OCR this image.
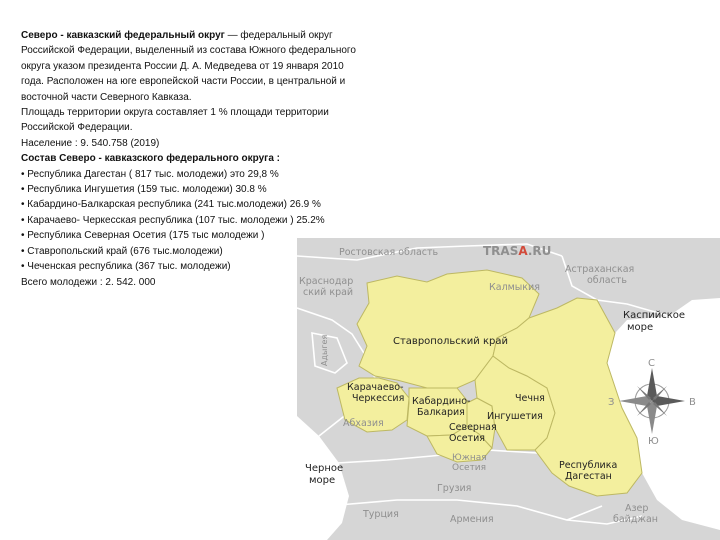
Северо - кавказский федеральный округ — федеральный округ Российской Федерации, выделенный из состава Южного федерального округа указом президента России Д. А. Медведева от 19 января 2010 года. Расположен на юге европейской части России, в центральной и восточной части Северного Кавказа.

Площадь территории округа составляет 1 % площади территории Российской Федерации.

Население : 9. 540.758 (2019)

Состав Северо - кавказского федерального округа :

• Республика Дагестан ( 817 тыс. молодежи) это 29,8 %

• Республика Ингушетия (159 тыс. молодежи) 30.8 %

• Кабардино-Балкарская республика (241 тыс.молодежи) 26.9 %

• Карачаево- Черкесская республика (107 тыс. молодежи ) 25.2%

• Республика Северная Осетия (175 тыс молодежи )

• Ставропольский край (676 тыс.молодежи)

• Чеченская республика (367 тыс. молодежи)

Всего молодежи : 2. 542. 000

Ростовская область	TRASA.RU
Астраханская
область
Калмыкия
Краснодар
ский край
Каспийское
море
Адыгея	Ставропольский край
Карачаево-
Черкессия Кабардино-
Балкария
Чечня
Ингушетия
Абхазия	Северная
Осетия
Южная
Осетия	Республика
Дагестан
Черное
море
Грузия
Турция	Армения
Азер
байджан
С
Ю
З	В
